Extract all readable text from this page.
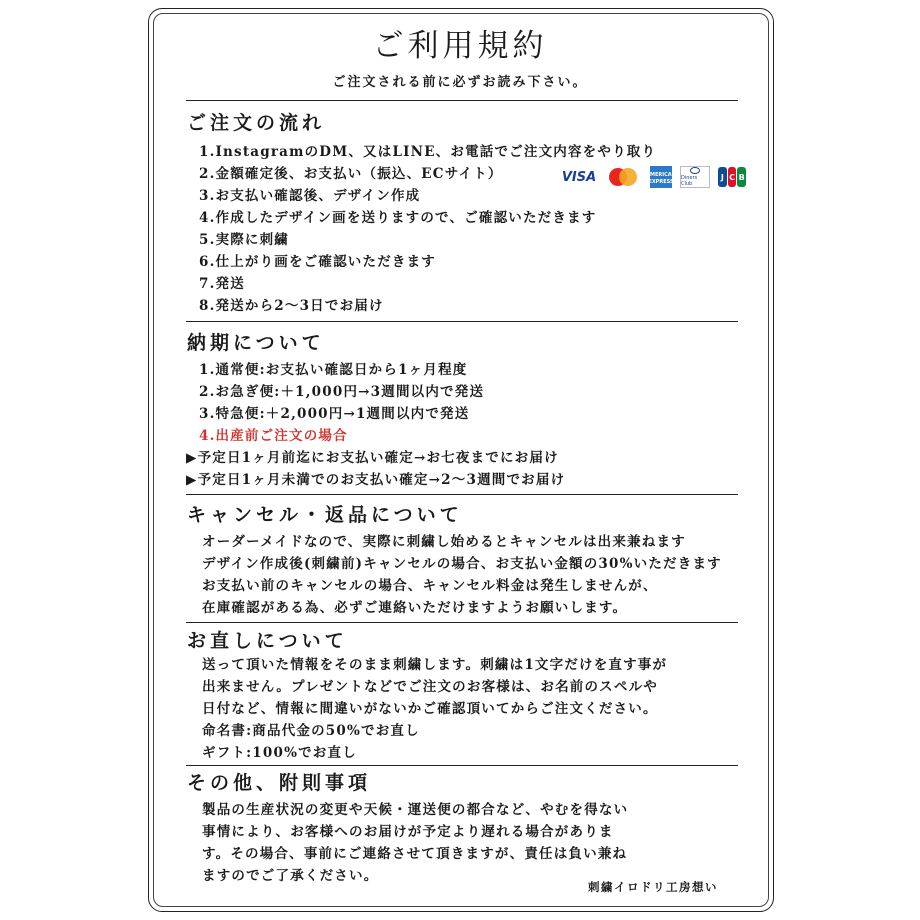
ご利用規約
ご注文される前に必ずお読み下さい。
ご注文の流れ
1.InstagramのDM、又はLINE、お電話でご注文内容をやり取り
2.金額確定後、お支払い（振込、ECサイト）
3.お支払い確認後、デザイン作成
4.作成したデザイン画を送りますので、ご確認いただきます
5.実際に刺繍
6.仕上がり画をご確認いただきます
7.発送
8.発送から2～3日でお届け
VISA	AMERICAN EXPRESS
Diners Club
J C B
納期について
1.通常便:お支払い確認日から1ヶ月程度
2.お急ぎ便:＋1,000円→3週間以内で発送
3.特急便:＋2,000円→1週間以内で発送
4.出産前ご注文の場合
▶予定日1ヶ月前迄にお支払い確定→お七夜までにお届け
▶予定日1ヶ月未満でのお支払い確定→2～3週間でお届け
キャンセル・返品について
オーダーメイドなので、実際に刺繍し始めるとキャンセルは出来兼ねます
デザイン作成後(刺繍前)キャンセルの場合、お支払い金額の30%いただきます
お支払い前のキャンセルの場合、キャンセル料金は発生しませんが、
在庫確認がある為、必ずご連絡いただけますようお願いします。
お直しについて
送って頂いた情報をそのまま刺繍します。刺繍は1文字だけを直す事が
出来ません。プレゼントなどでご注文のお客様は、お名前のスペルや
日付など、情報に間違いがないかご確認頂いてからご注文ください。
命名書:商品代金の50%でお直し
ギフト:100%でお直し
その他、附則事項
製品の生産状況の変更や天候・運送便の都合など、やむを得ない
事情により、お客様へのお届けが予定より遅れる場合がありま
す。その場合、事前にご連絡させて頂きますが、責任は負い兼ね
ますのでご了承ください。
刺繍イロドリ工房想い
